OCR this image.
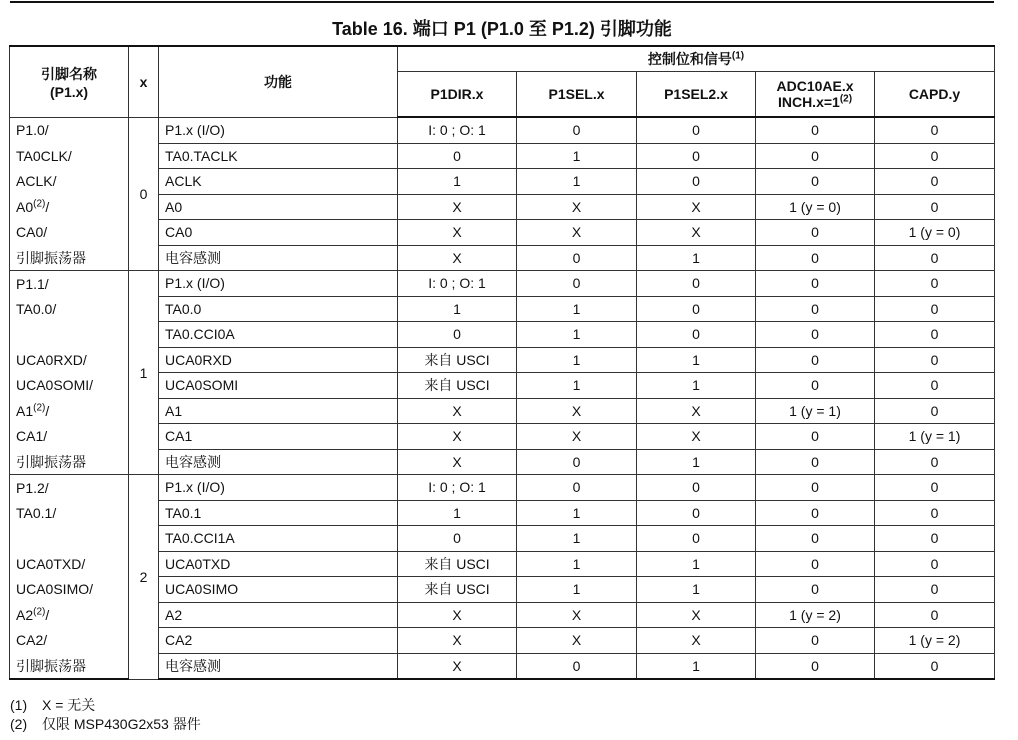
Table 16. 端口 P1 (P1.0 至 P1.2) 引脚功能
引脚名称
(P1.x)	x	功能	控制位和信号$^{(1)}$
			P1DIR.x	P1SEL.x	P1SEL2.x	ADC10AE.x
$INCH.x=1^{(2)}$	CAPD.y
P1.0/	0	P1.x (I/O)	I: 0 ; O: 1	0	0	0	0
TA0CLK/		TA0.TACLK	0	1	0	0	0
ACLK/		ACLK	1	1	0	0	0
A0$^{(2)}$/		A0	X	X	X	1 (y = 0)	0
CA0/		CA0	X	X	X	0	1 (y = 0)
引脚振荡器		电容感测	X	0	1	0	0
P1.1/	1	P1.x (I/O)	I: 0 ; O: 1	0	0	0	0
TA0.0/		TA0.0	1	1	0	0	0
		TA0.CCI0A	0	1	0	0	0
UCA0RXD/		UCA0RXD	来自 USCI	1	1	0	0
UCA0SOMI/		UCA0SOMI	来自 USCI	1	1	0	0
A1$^{(2)}$/		A1	X	X	X	1 (y = 1)	0
CA1/		CA1	X	X	X	0	1 (y = 1)
引脚振荡器		电容感测	X	0	1	0	0
P1.2/	2	P1.x (I/O)	I: 0 ; O: 1	0	0	0	0
TA0.1/		TA0.1	1	1	0	0	0
		TA0.CCI1A	0	1	0	0	0
UCA0TXD/		UCA0TXD	来自 USCI	1	1	0	0
UCA0SIMO/		UCA0SIMO	来自 USCI	1	1	0	0
A2$^{(2)}$/		A2	X	X	X	1 (y = 2)	0
CA2/		CA2	X	X	X	0	1 (y = 2)
引脚振荡器		电容感测	X	0	1	0	0
(1) X = 无关
(2) 仅限 MSP430G2x53 器件
